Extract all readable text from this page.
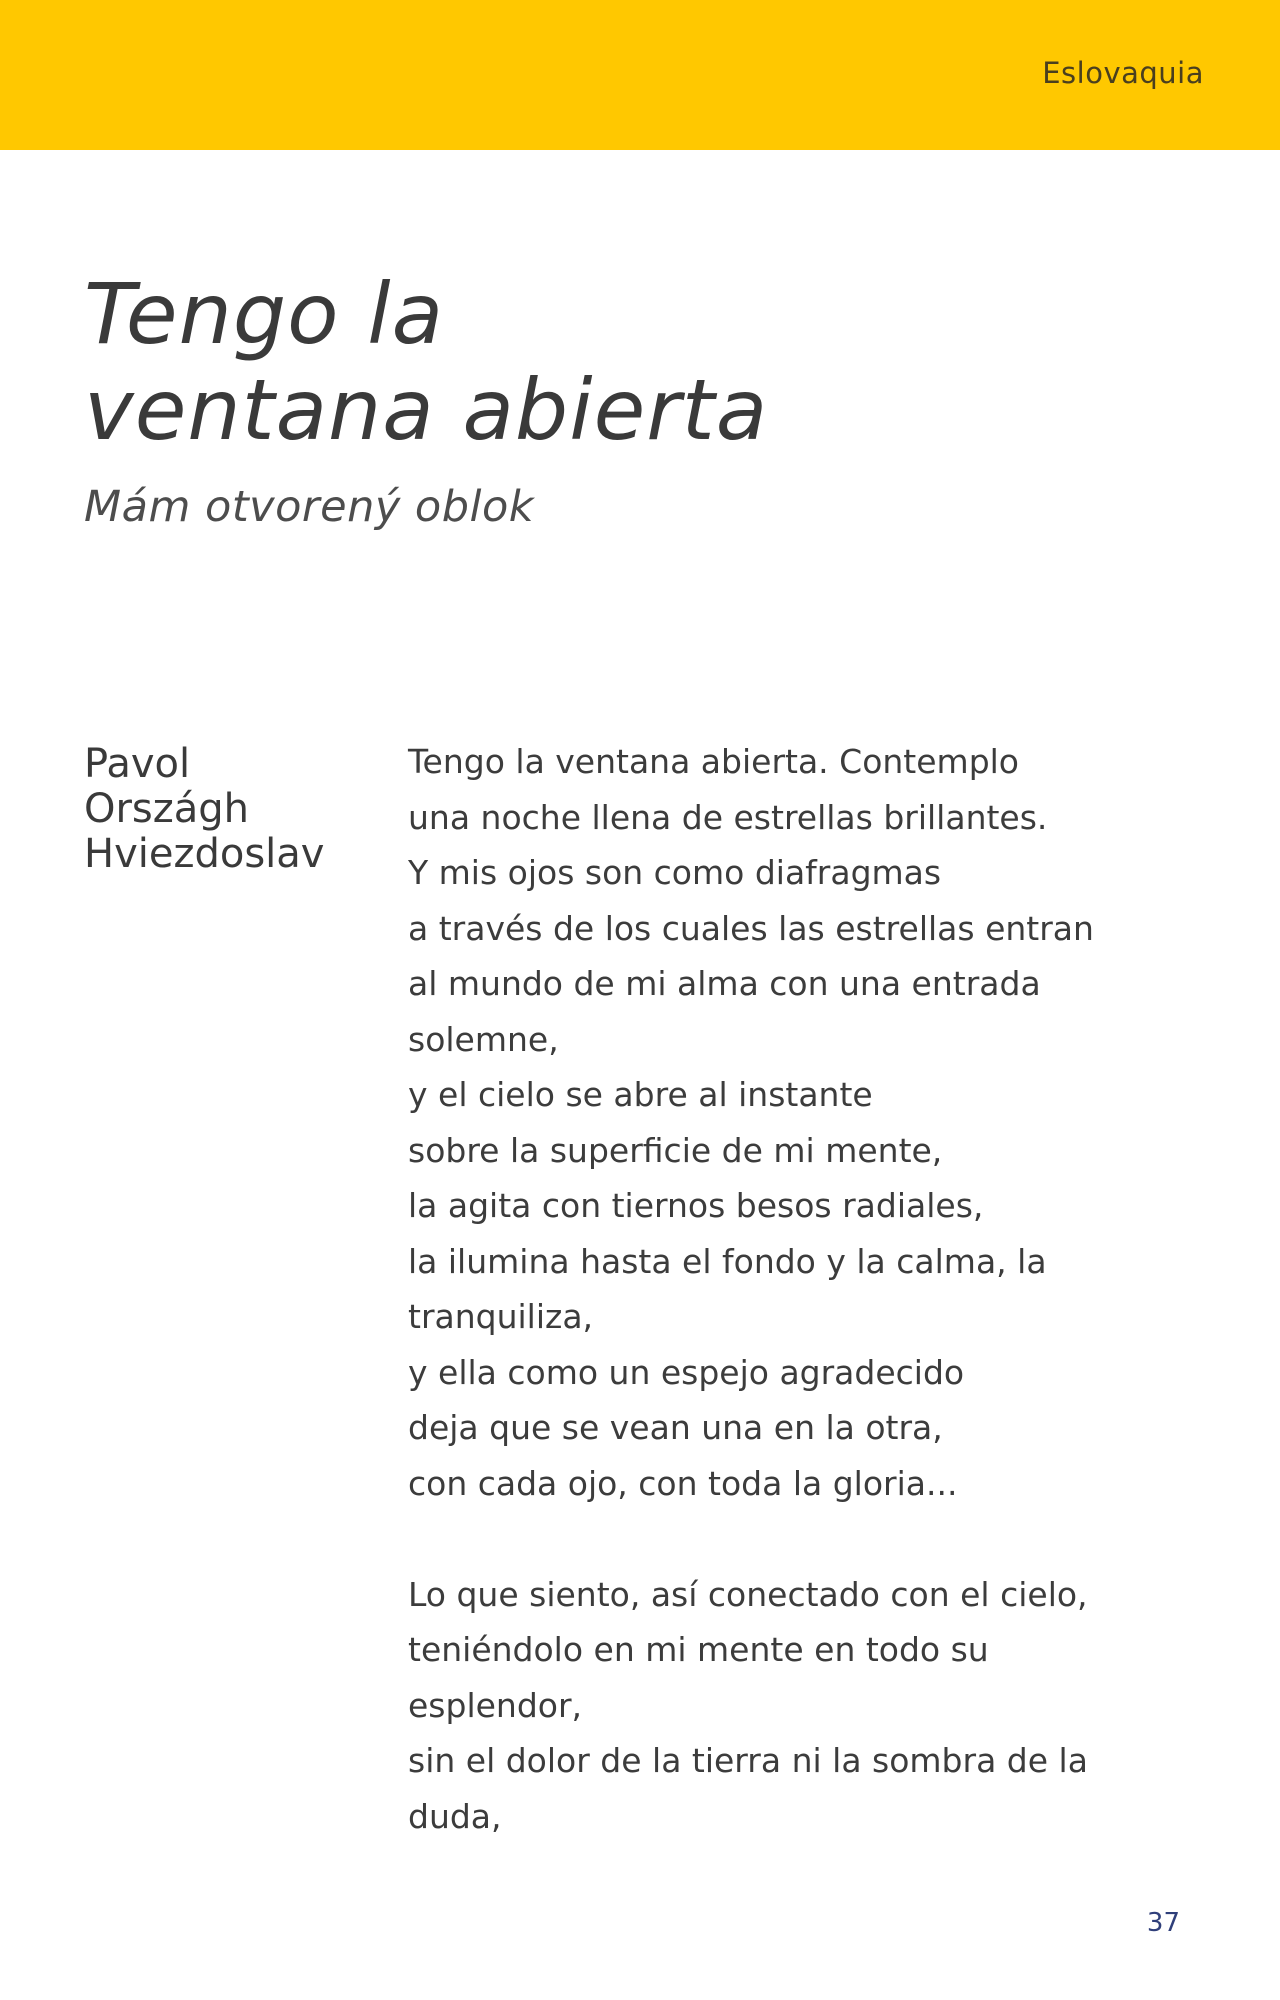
Eslovaquia
Tengo la
ventana abierta
Mám otvorený oblok
Pavol
Országh
Hviezdoslav
Tengo la ventana abierta. Contemplo
una noche llena de estrellas brillantes.
Y mis ojos son como diafragmas
a través de los cuales las estrellas entran
al mundo de mi alma con una entrada
solemne,
y el cielo se abre al instante
sobre la superficie de mi mente,
la agita con tiernos besos radiales,
la ilumina hasta el fondo y la calma, la
tranquiliza,
y ella como un espejo agradecido
deja que se vean una en la otra,
con cada ojo, con toda la gloria...
Lo que siento, así conectado con el cielo,
teniéndolo en mi mente en todo su
esplendor,
sin el dolor de la tierra ni la sombra de la
duda,
37
